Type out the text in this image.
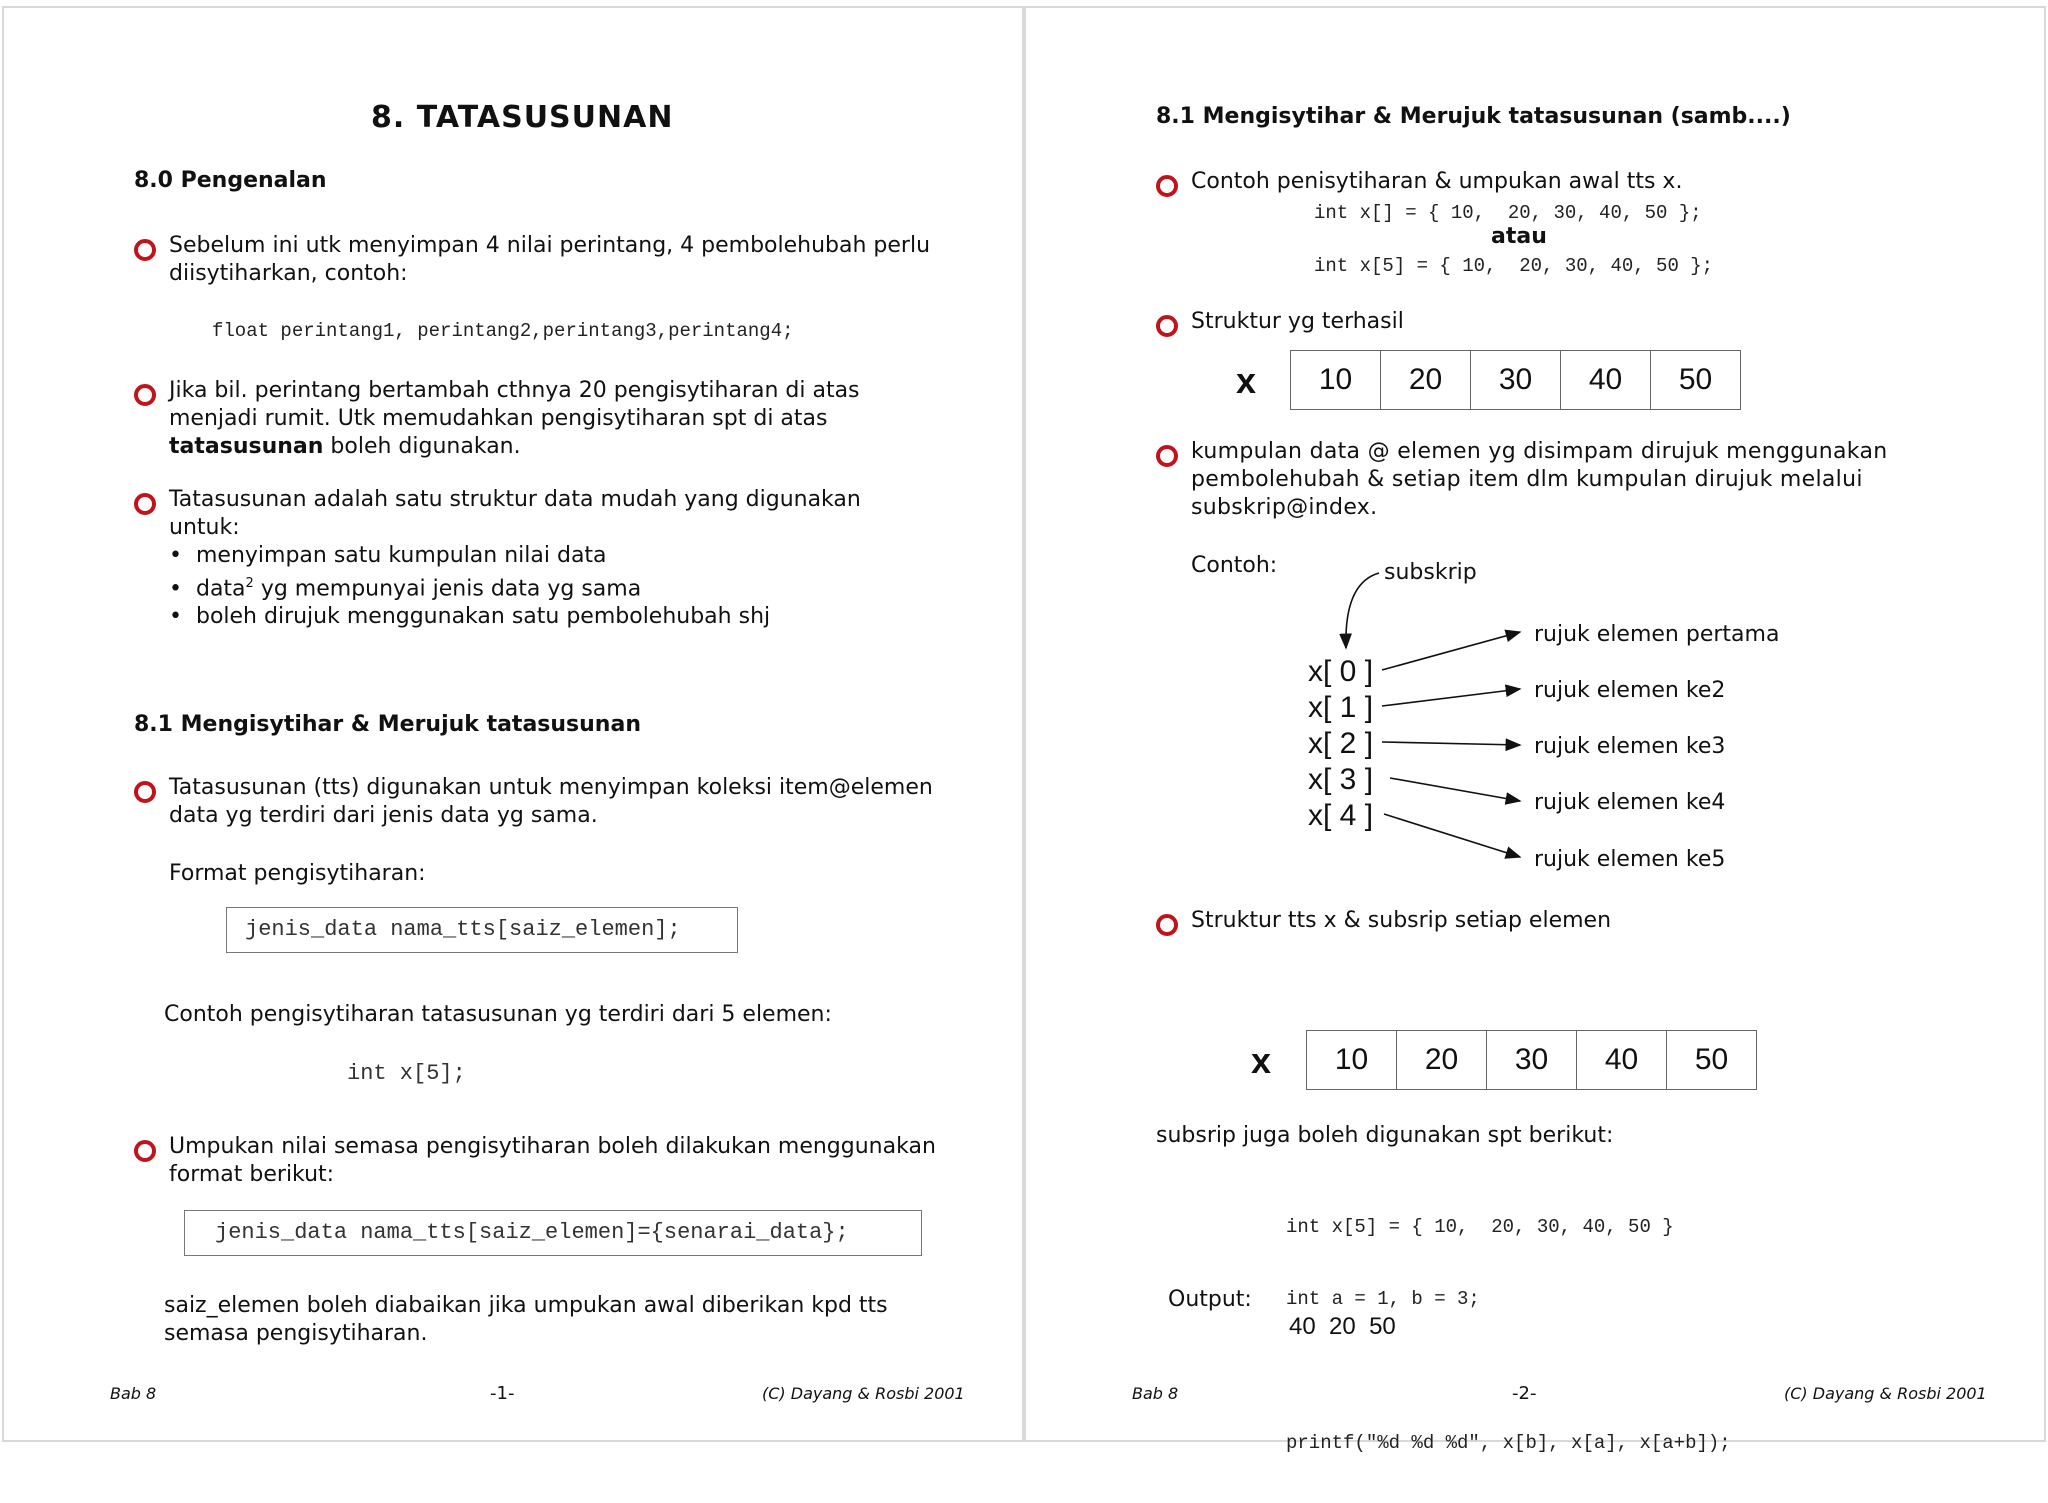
8. TATASUSUNAN
8.0 Pengenalan
Sebelum ini utk menyimpan 4 nilai perintang, 4 pembolehubah perlu
diisytiharkan, contoh:
float perintang1, perintang2,perintang3,perintang4;
Jika bil. perintang bertambah cthnya 20 pengisytiharan di atas
menjadi rumit. Utk memudahkan pengisytiharan spt di atas
tatasusunan boleh digunakan.
Tatasusunan adalah satu struktur data mudah yang digunakan
untuk:
• menyimpan satu kumpulan nilai data
• data$^2$ yg mempunyai jenis data yg sama
• boleh dirujuk menggunakan satu pembolehubah shj
8.1 Mengisytihar & Merujuk tatasusunan
Tatasusunan (tts) digunakan untuk menyimpan koleksi item@elemen
data yg terdiri dari jenis data yg sama.
Format pengisytiharan:
jenis_data nama_tts[saiz_elemen];
Contoh pengisytiharan tatasusunan yg terdiri dari 5 elemen:
int x[5];
Umpukan nilai semasa pengisytiharan boleh dilakukan menggunakan
format berikut:
jenis_data nama_tts[saiz_elemen]={senarai_data};
saiz_elemen boleh diabaikan jika umpukan awal diberikan kpd tts
semasa pengisytiharan.
Bab 8	-1-	(C) Dayang & Rosbi 2001
8.1 Mengisytihar & Merujuk tatasusunan (samb....)
Contoh penisytiharan & umpukan awal tts x.
int x[] = { 10,  20, 30, 40, 50 };
atau
int x[5] = { 10,  20, 30, 40, 50 };
Struktur yg terhasil
x	10	20	30	40	50
kumpulan data @ elemen yg disimpam dirujuk menggunakan
pembolehubah & setiap item dlm kumpulan dirujuk melalui
subskrip@index.
Contoh:	subskrip
x[ 0 ]
x[ 1 ]
x[ 2 ]
x[ 3 ]
x[ 4 ]
rujuk elemen pertama
rujuk elemen ke2
rujuk elemen ke3
rujuk elemen ke4
rujuk elemen ke5
Struktur tts x & subsrip setiap elemen
x	10	20	30	40	50
subsrip juga boleh digunakan spt berikut:

int x[5] = { 10,  20, 30, 40, 50 }

int a = 1, b = 3;

printf("%d %d %d", x[b], x[a], x[a+b]);

Output:
40  20  50
Bab 8	-2-	(C) Dayang & Rosbi 2001
